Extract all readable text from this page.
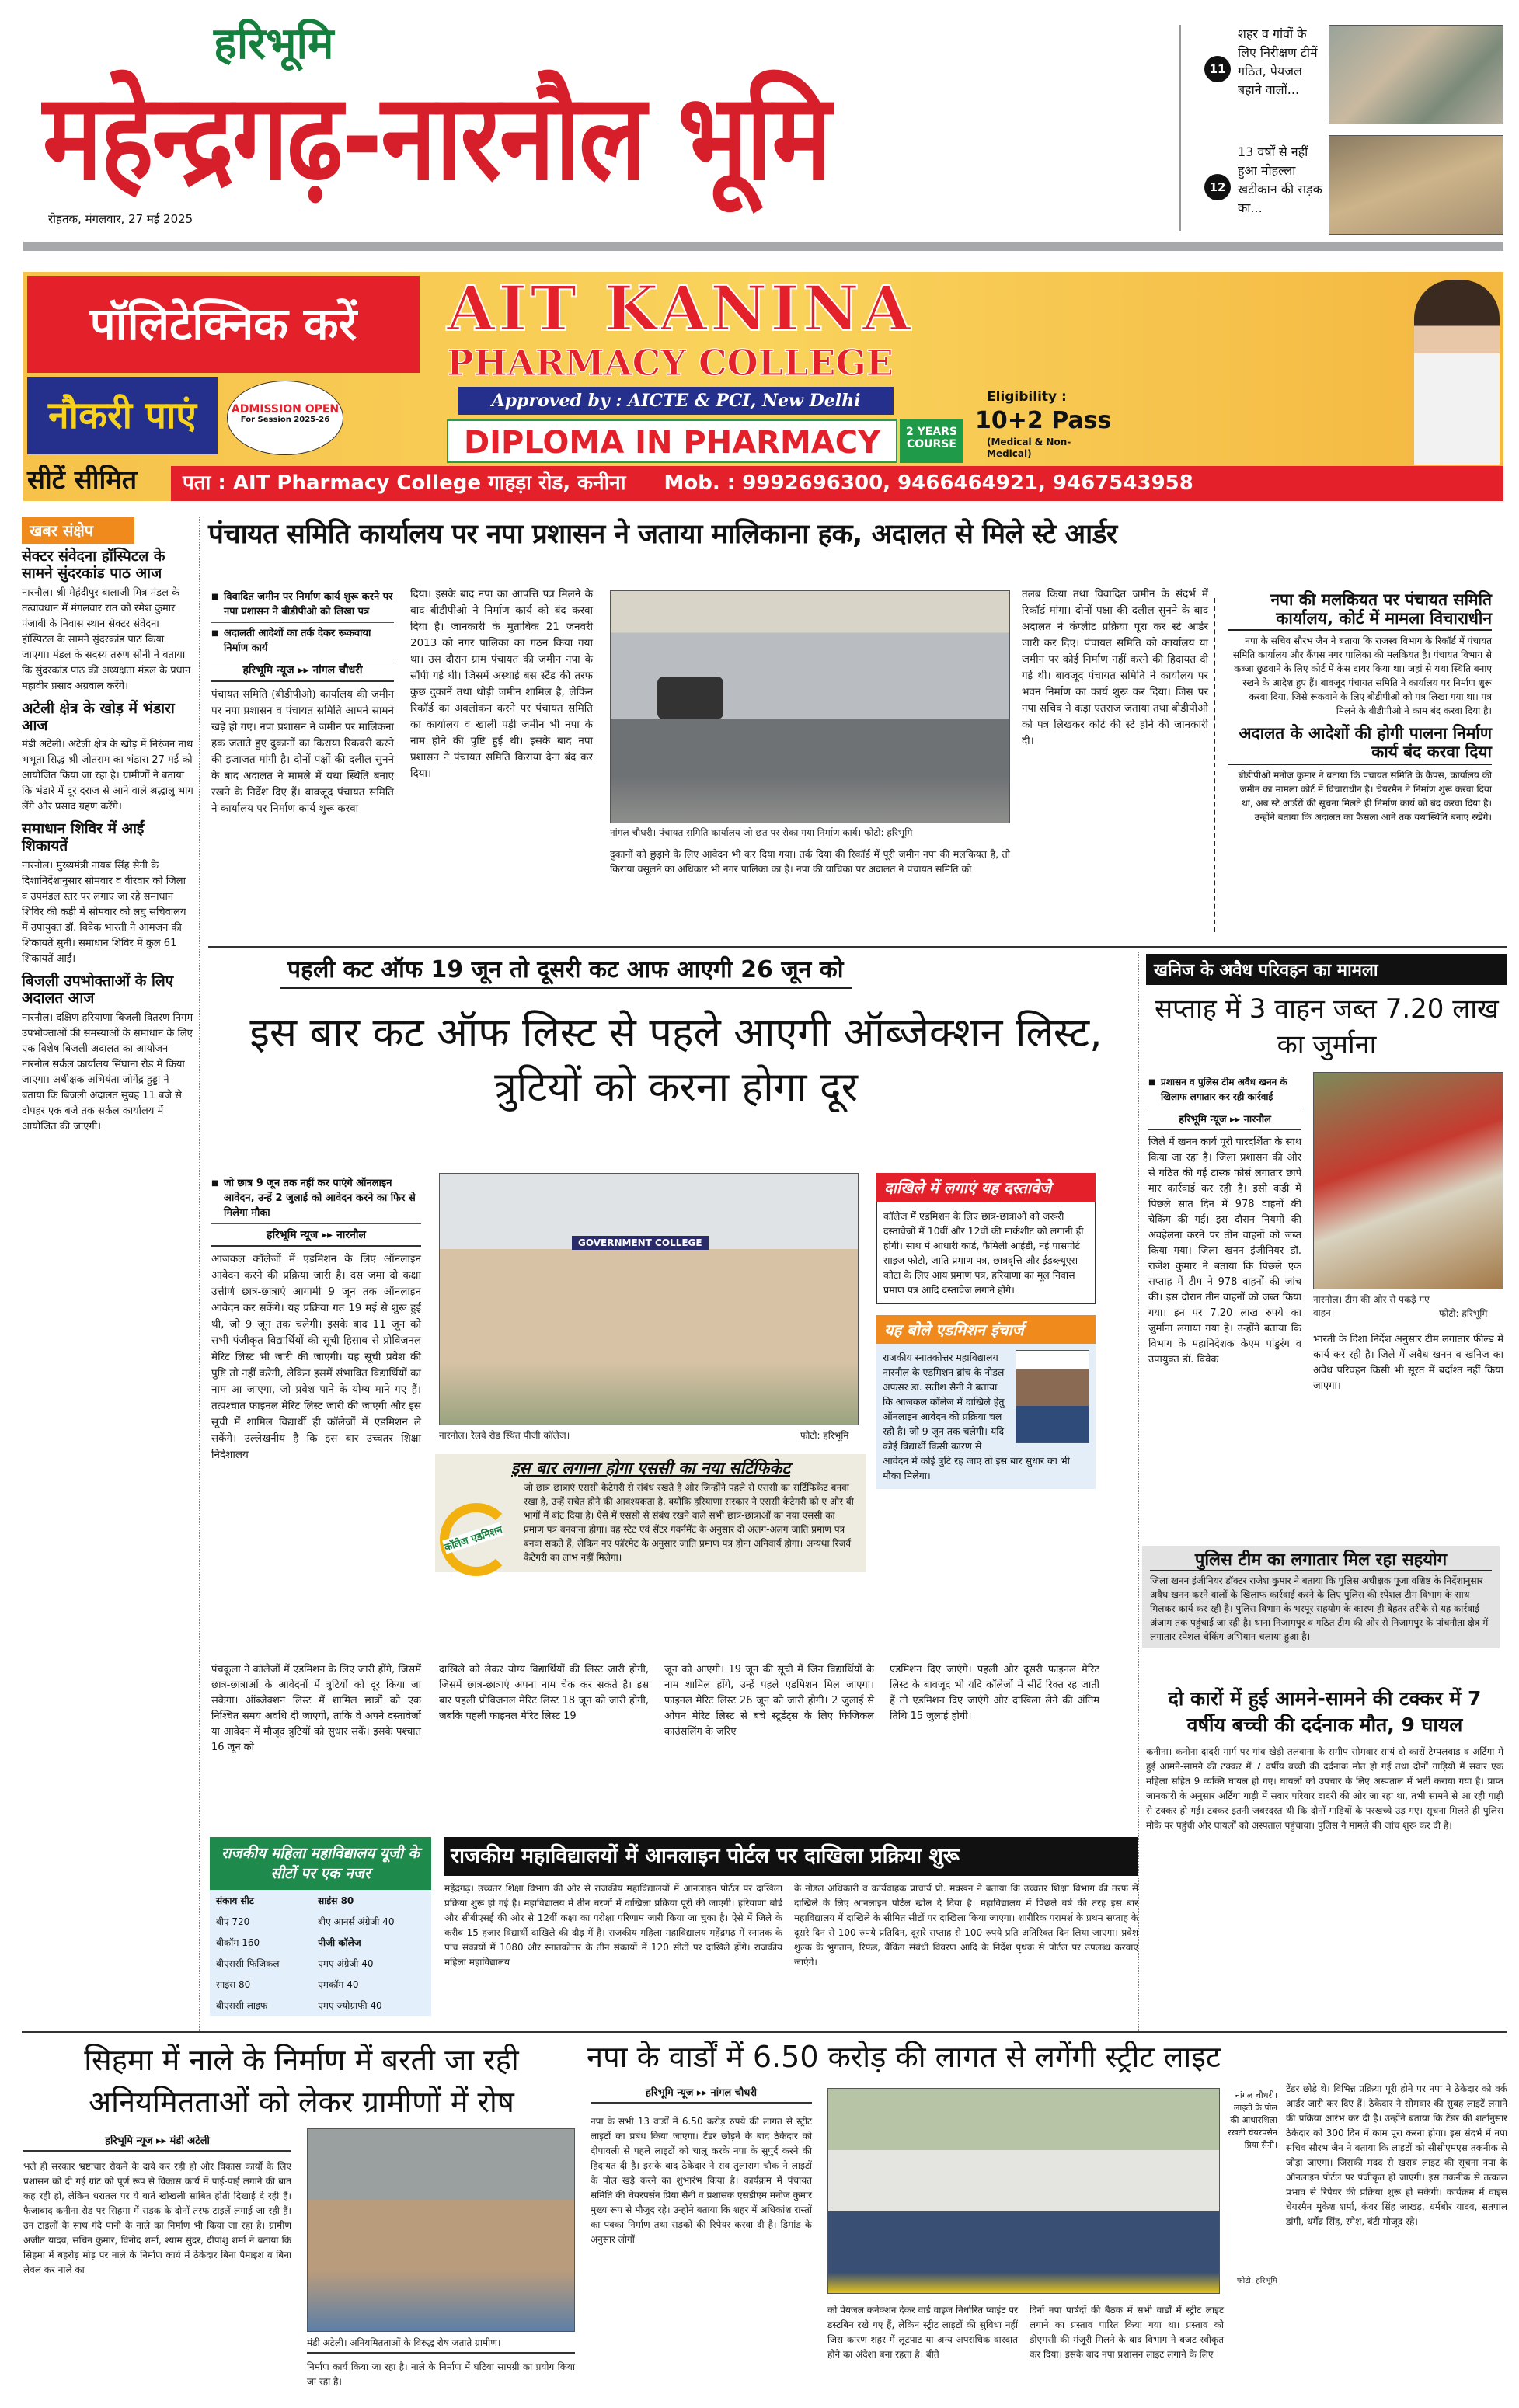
हरिभूमि
महेन्द्रगढ़-नारनौल भूमि
रोहतक, मंगलवार, 27 मई 2025
11
शहर व गांवों के लिए निरीक्षण टीमें गठित, पेयजल बहाने वालों...
12
13 वर्षों से नहीं हुआ मोहल्ला खटीकान की सड़क का...
पॉलिटेक्निक करें
नौकरी पाएं	ADMISSION OPEN
For Session 2025-26
सीटें सीमित
AIT KANINA
PHARMACY COLLEGE
Approved by : AICTE & PCI, New Delhi
DIPLOMA IN PHARMACY	2 YEARS COURSE
Eligibility :
10+2 Pass
(Medical & Non-Medical)
पता : AIT Pharmacy College गाहड़ा रोड, कनीना Mob. : 9992696300, 9466464921, 9467543958
खबर संक्षेप
सेक्टर संवेदना हॉस्पिटल के सामने सुंदरकांड पाठ आज
नारनौल। श्री मेहंदीपुर बालाजी मित्र मंडल के तत्वावधान में मंगलवार रात को रमेश कुमार पंजाबी के निवास स्थान सेक्टर संवेदना हॉस्पिटल के सामने सुंदरकांड पाठ किया जाएगा। मंडल के सदस्य तरुण सोनी ने बताया कि सुंदरकांड पाठ की अध्यक्षता मंडल के प्रधान महावीर प्रसाद अग्रवाल करेंगे।
अटेली क्षेत्र के खोड़ में भंडारा आज
मंडी अटेली। अटेली क्षेत्र के खोड़ में निरंजन नाथ भभूता सिद्ध श्री जोतराम का भंडारा 27 मई को आयोजित किया जा रहा है। ग्रामीणों ने बताया कि भंडारे में दूर दराज से आने वाले श्रद्धालु भाग लेंगे और प्रसाद ग्रहण करेंगे।
समाधान शिविर में आईं शिकायतें
नारनौल। मुख्यमंत्री नायब सिंह सैनी के दिशानिर्देशानुसार सोमवार व वीरवार को जिला व उपमंडल स्तर पर लगाए जा रहे समाधान शिविर की कड़ी में सोमवार को लघु सचिवालय में उपायुक्त डॉ. विवेक भारती ने आमजन की शिकायतें सुनी। समाधान शिविर में कुल 61 शिकायतें आईं।
बिजली उपभोक्ताओं के लिए अदालत आज
नारनौल। दक्षिण हरियाणा बिजली वितरण निगम उपभोक्ताओं की समस्याओं के समाधान के लिए एक विशेष बिजली अदालत का आयोजन नारनौल सर्कल कार्यालय सिंघाना रोड में किया जाएगा। अधीक्षक अभियंता जोगेंद्र हुड्डा ने बताया कि बिजली अदालत सुबह 11 बजे से दोपहर एक बजे तक सर्कल कार्यालय में आयोजित की जाएगी।
पंचायत समिति कार्यालय पर नपा प्रशासन ने जताया मालिकाना हक, अदालत से मिले स्टे आर्डर
■ विवादित जमीन पर निर्माण कार्य शुरू करने पर नपा प्रशासन ने बीडीपीओ को लिखा पत्र
■ अदालती आदेशों का तर्क देकर रूकवाया निर्माण कार्य
हरिभूमि न्यूज ▸▸ नांगल चौधरी
पंचायत समिति (बीडीपीओ) कार्यालय की जमीन पर नपा प्रशासन व पंचायत समिति आमने सामने खड़े हो गए। नपा प्रशासन ने जमीन पर मालिकना हक जताते हुए दुकानों का किराया रिकवरी करने की इजाजत मांगी है। दोनों पक्षों की दलील सुनने के बाद अदालत ने मामले में यथा स्थिति बनाए रखने के निर्देश दिए हैं। बावजूद पंचायत समिति ने कार्यालय पर निर्माण कार्य शुरू करवा
दिया। इसके बाद नपा का आपत्ति पत्र मिलने के बाद बीडीपीओ ने निर्माण कार्य को बंद करवा दिया है। जानकारी के मुताबिक 21 जनवरी 2013 को नगर पालिका का गठन किया गया था। उस दौरान ग्राम पंचायत की जमीन नपा के सौंपी गई थी। जिसमें अस्थाई बस स्टैंड की तरफ कुछ दुकानें तथा थोड़ी जमीन शामिल है, लेकिन रिकॉर्ड का अवलोकन करने पर पंचायत समिति का कार्यालय व खाली पड़ी जमीन भी नपा के नाम होने की पुष्टि हुई थी। इसके बाद नपा प्रशासन ने पंचायत समिति किराया देना बंद कर दिया।
नांगल चौधरी। पंचायत समिति कार्यालय जो छत पर रोका गया निर्माण कार्य। फोटो: हरिभूमि
दुकानों को छुड़ाने के लिए आवेदन भी कर दिया गया। तर्क दिया की रिकॉर्ड में पूरी जमीन नपा की मलकियत है, तो किराया वसूलने का अधिकार भी नगर पालिका का है। नपा की याचिका पर अदालत ने पंचायत समिति को
तलब किया तथा विवादित जमीन के संदर्भ में रिकॉर्ड मांगा। दोनों पक्षा की दलील सुनने के बाद अदालत ने कंप्लीट प्रक्रिया पूरा कर स्टे आर्डर जारी कर दिए। पंचायत समिति को कार्यालय या जमीन पर कोई निर्माण नहीं करने की हिदायत दी गई थी। बावजूद पंचायत समिति ने कार्यालय पर भवन निर्माण का कार्य शुरू कर दिया। जिस पर नपा सचिव ने कड़ा एतराज जताया तथा बीडीपीओ को पत्र लिखकर कोर्ट की स्टे होने की जानकारी दी।
नपा की मलकियत पर पंचायत समिति कार्यालय, कोर्ट में मामला विचाराधीन
नपा के सचिव सौरभ जैन ने बताया कि राजस्व विभाग के रिकॉर्ड में पंचायत समिति कार्यालय और कैंपस नगर पालिका की मलकियत है। पंचायत विभाग से कब्जा छुड़वाने के लिए कोर्ट में केस दायर किया था। जहां से यथा स्थिति बनाए रखने के आदेश हुए हैं। बावजूद पंचायत समिति ने कार्यालय पर निर्माण शुरू करवा दिया, जिसे रूकवाने के लिए बीडीपीओ को पत्र लिखा गया था। पत्र मिलने के बीडीपीओ ने काम बंद करवा दिया है।
अदालत के आदेशों की होगी पालना निर्माण कार्य बंद करवा दिया
बीडीपीओ मनोज कुमार ने बताया कि पंचायत समिति के कैंपस, कार्यालय की जमीन का मामला कोर्ट में विचाराधीन है। चेयरमैन ने निर्माण शुरू करवा दिया था, अब स्टे आर्डरों की सूचना मिलते ही निर्माण कार्य को बंद करवा दिया है। उन्होंने बताया कि अदालत का फैसला आने तक यथास्थिति बनाए रखेंगे।
पहली कट ऑफ 19 जून तो दूसरी कट आफ आएगी 26 जून को
इस बार कट ऑफ लिस्ट से पहले आएगी ऑब्जेक्शन लिस्ट, त्रुटियों को करना होगा दूर
■ जो छात्र 9 जून तक नहीं कर पाएंगे ऑनलाइन आवेदन, उन्हें 2 जुलाई को आवेदन करने का फिर से मिलेगा मौका
हरिभूमि न्यूज ▸▸ नारनौल
आजकल कॉलेजों में एडमिशन के लिए ऑनलाइन आवेदन करने की प्रक्रिया जारी है। दस जमा दो कक्षा उत्तीर्ण छात्र-छात्राएं आगामी 9 जून तक ऑनलाइन आवेदन कर सकेंगे। यह प्रक्रिया गत 19 मई से शुरू हुई थी, जो 9 जून तक चलेगी। इसके बाद 11 जून को सभी पंजीकृत विद्यार्थियों की सूची हिसाब से प्रोविजनल मेरिट लिस्ट भी जारी की जाएगी। यह सूची प्रवेश की पुष्टि तो नहीं करेगी, लेकिन इसमें संभावित विद्यार्थियों का नाम आ जाएगा, जो प्रवेश पाने के योग्य माने गए हैं। तत्पश्चात फाइनल मेरिट लिस्ट जारी की जाएगी और इस सूची में शामिल विद्यार्थी ही कॉलेजों में एडमिशन ले सकेंगे। उल्लेखनीय है कि इस बार उच्चतर शिक्षा निदेशालय
GOVERNMENT COLLEGE
नारनौल। रेलवे रोड स्थित पीजी कॉलेज।	फोटो: हरिभूमि
दाखिले में लगाएं यह दस्तावेजे
कॉलेज में एडमिशन के लिए छात्र-छात्राओं को जरूरी दस्तावेजों में 10वीं और 12वीं की मार्कशीट को लगानी ही होगी। साथ में आधारी कार्ड, फैमिली आईडी, नई पासपोर्ट साइज फोटो, जाति प्रमाण पत्र, छात्रवृत्ति और ईडब्ल्यूएस कोटा के लिए आय प्रमाण पत्र, हरियाणा का मूल निवास प्रमाण पत्र आदि दस्तावेज लगाने होंगे।
यह बोले एडमिशन इंचार्ज
राजकीय स्नातकोत्तर महाविद्यालय नारनौल के एडमिशन ब्रांच के नोडल अफसर डा. सतीश सैनी ने बताया कि आजकल कॉलेज में दाखिले हेतु ऑनलाइन आवेदन की प्रक्रिया चल रही है। जो 9 जून तक चलेगी। यदि कोई विद्यार्थी किसी कारण से आवेदन में कोई त्रुटि रह जाए तो इस बार सुधार का भी मौका मिलेगा।
इस बार लगाना होगा एससी का नया सर्टिफिकेट
जो छात्र-छात्राएं एससी कैटेगरी से संबंध रखते है और जिन्होंने पहले से एससी का सर्टिफिकेट बनवा रखा है, उन्हें सचेत होने की आवश्यकता है, क्योंकि हरियाणा सरकार ने एससी कैटेगरी को ए और बी भागों में बांट दिया है। ऐसे में एससी से संबंध रखने वाले सभी छात्र-छात्राओं का नया एससी का प्रमाण पत्र बनवाना होगा। वह स्टेट एवं सेंटर गवर्नमेंट के अनुसार दो अलग-अलग जाति प्रमाण पत्र बनवा सकते हैं, लेकिन नए फॉरमेट के अनुसार जाति प्रमाण पत्र होना अनिवार्य होगा। अन्यथा रिजर्व कैटेगरी का लाभ नहीं मिलेगा।
कॉलेज एडमिशन
पंचकूला ने कॉलेजों में एडमिशन के लिए जारी होंगे, जिसमें छात्र-छात्राओं के आवेदनों में त्रुटियों को दूर किया जा सकेगा। ऑब्जेक्शन लिस्ट में शामिल छात्रों को एक निश्चित समय अवधि दी जाएगी, ताकि वे अपने दस्तावेजों या आवेदन में मौजूद त्रुटियों को सुधार सकें। इसके पश्चात 16 जून को
दाखिले को लेकर योग्य विद्यार्थियों की लिस्ट जारी होगी, जिसमें छात्र-छात्राएं अपना नाम चेक कर सकते है। इस बार पहली प्रोविजनल मेरिट लिस्ट 18 जून को जारी होगी, जबकि पहली फाइनल मेरिट लिस्ट 19
जून को आएगी। 19 जून की सूची में जिन विद्यार्थियों के नाम शामिल होंगे, उन्हें पहले एडमिशन मिल जाएगा। फाइनल मेरिट लिस्ट 26 जून को जारी होगी। 2 जुलाई से ओपन मेरिट लिस्ट से बचे स्टूडेंट्स के लिए फिजिकल काउंसलिंग के जरिए
एडमिशन दिए जाएंगे। पहली और दूसरी फाइनल मेरिट लिस्ट के बावजूद भी यदि कॉलेजों में सीटें रिक्त रह जाती हैं तो एडमिशन दिए जाएंगे और दाखिला लेने की अंतिम तिथि 15 जुलाई होगी।
राजकीय महिला महाविद्यालय यूजी के सीटों पर एक नजर
संकाय सीट	साइंस 80
बीए 720	बीए आनर्स अंग्रेजी 40
बीकॉम 160	पीजी कॉलेज
बीएससी फिजिकल	एमए अंग्रेजी 40
साइंस 80	एमकॉम 40
बीएससी लाइफ	एमए ज्योग्राफी 40
राजकीय महाविद्यालयों में आनलाइन पोर्टल पर दाखिला प्रक्रिया शुरू
महेंद्रगढ़। उच्चतर शिक्षा विभाग की ओर से राजकीय महाविद्यालयों में आनलाइन पोर्टल पर दाखिला प्रक्रिया शुरू हो गई है। महाविद्यालय में तीन चरणों में दाखिला प्रक्रिया पूरी की जाएगी। हरियाणा बोर्ड और सीबीएसई की ओर से 12वीं कक्षा का परीक्षा परिणाम जारी किया जा चुका है। ऐसे में जिले के करीब 15 हजार विद्यार्थी दाखिले की दौड़ में हैं। राजकीय महिला महाविद्यालय महेंद्रगढ़ में स्नातक के पांच संकायों में 1080 और स्नातकोत्तर के तीन संकायों में 120 सीटों पर दाखिले होंगे। राजकीय महिला महाविद्यालय
के नोडल अधिकारी व कार्यवाहक प्राचार्य प्रो. मक्खन ने बताया कि उच्चतर शिक्षा विभाग की तरफ से दाखिले के लिए आनलाइन पोर्टल खोल दे दिया है। महाविद्यालय में पिछले वर्ष की तरह इस बार महाविद्यालय में दाखिले के सीमित सीटों पर दाखिला किया जाएगा। शारीरिक परामर्श के प्रथम सप्ताह के दूसरे दिन से 100 रुपये प्रतिदिन, दूसरे सप्ताह से 100 रुपये प्रति अतिरिक्त दिन लिया जाएगा। प्रवेश शुल्क के भुगतान, रिफंड, बैंकिंग संबंधी विवरण आदि के निर्देश पृथक से पोर्टल पर उपलब्ध करवाए जाएंगे।
खनिज के अवैध परिवहन का मामला
सप्ताह में 3 वाहन जब्त 7.20 लाख का जुर्माना
■ प्रशासन व पुलिस टीम अवैध खनन के खिलाफ लगातार कर रही कार्रवाई
हरिभूमि न्यूज ▸▸ नारनौल
जिले में खनन कार्य पूरी पारदर्शिता के साथ किया जा रहा है। जिला प्रशासन की ओर से गठित की गई टास्क फोर्स लगातार छापे मार कार्रवाई कर रही है। इसी कड़ी में पिछले सात दिन में 978 वाहनों की चेकिंग की गई। इस दौरान नियमों की अवहेलना करने पर तीन वाहनों को जब्त किया गया। जिला खनन इंजीनियर डॉ. राजेश कुमार ने बताया कि पिछले एक सप्ताह में टीम ने 978 वाहनों की जांच की। इस दौरान तीन वाहनों को जब्त किया गया। इन पर 7.20 लाख रुपये का जुर्माना लगाया गया है। उन्होंने बताया कि विभाग के महानिदेशक केएम पांडुरंग व उपायुक्त डॉ. विवेक
नारनौल। टीम की ओर से पकड़े गए वाहन।	फोटो: हरिभूमि
भारती के दिशा निर्देश अनुसार टीम लगातार फील्ड में कार्य कर रही है। जिले में अवैध खनन व खनिज का अवैध परिवहन किसी भी सूरत में बर्दाश्त नहीं किया जाएगा।
पुलिस टीम का लगातार मिल रहा सहयोग
जिला खनन इंजीनियर डॉक्टर राजेश कुमार ने बताया कि पुलिस अधीक्षक पूजा वशिष्ठ के निर्देशानुसार अवैध खनन करने वालों के खिलाफ कार्रवाई करने के लिए पुलिस की स्पेशल टीम विभाग के साथ मिलकर कार्य कर रही है। पुलिस विभाग के भरपूर सहयोग के कारण ही बेहतर तरीके से यह कार्रवाई अंजाम तक पहुंचाई जा रही है। थाना निजामपुर व गठित टीम की ओर से निजामपुर के पांचनौता क्षेत्र में लगातार स्पेशल चेकिंग अभियान चलाया हुआ है।
दो कारों में हुई आमने-सामने की टक्कर में 7 वर्षीय बच्ची की दर्दनाक मौत, 9 घायल
कनीना। कनीना-दादरी मार्ग पर गांव खेड़ी तलवाना के समीप सोमवार सायं दो कारों टेम्पलवाड व अर्टिगा में हुई आमने-सामने की टक्कर में 7 वर्षीय बच्ची की दर्दनाक मौत हो गई तथा दोनों गाड़ियों में सवार एक महिला सहित 9 व्यक्ति घायल हो गए। घायलों को उपचार के लिए अस्पताल में भर्ती कराया गया है। प्राप्त जानकारी के अनुसार अर्टिगा गाड़ी में सवार परिवार दादरी की ओर जा रहा था, तभी सामने से आ रही गाड़ी से टक्कर हो गई। टक्कर इतनी जबरदस्त थी कि दोनों गाड़ियों के परखच्चे उड़ गए। सूचना मिलते ही पुलिस मौके पर पहुंची और घायलों को अस्पताल पहुंचाया। पुलिस ने मामले की जांच शुरू कर दी है।
सिहमा में नाले के निर्माण में बरती जा रही अनियमितताओं को लेकर ग्रामीणों में रोष
हरिभूमि न्यूज ▸▸ मंडी अटेली
भले ही सरकार भ्रष्टाचार रोकने के दावे कर रही हो और विकास कार्यों के लिए प्रशासन को दी गई ग्रांट को पूर्ण रूप से विकास कार्य में पाई-पाई लगाने की बात कह रही हो, लेकिन धरातल पर ये बातें खोखली साबित होती दिखाई दे रही हैं। फैजाबाद कनीना रोड पर सिहमा में सड़क के दोनों तरफ टाइलें लगाई जा रही हैं। उन टाइलों के साथ गंदे पानी के नाले का निर्माण भी किया जा रहा है। ग्रामीण अजीत यादव, सचिन कुमार, विनोद शर्मा, श्याम सुंदर, दीपांशु शर्मा ने बताया कि सिहमा में बहरोड़ मोड़ पर नाले के निर्माण कार्य में ठेकेदार बिना पैमाइश व बिना लेवल कर नाले का
मंडी अटेली। अनियमितताओं के विरुद्ध रोष जताते ग्रामीण।
निर्माण कार्य किया जा रहा है। नाले के निर्माण में घटिया सामग्री का प्रयोग किया जा रहा है।
नपा के वार्डों में 6.50 करोड़ की लागत से लगेंगी स्ट्रीट लाइट
हरिभूमि न्यूज ▸▸ नांगल चौधरी
नपा के सभी 13 वार्डों में 6.50 करोड़ रुपये की लागत से स्ट्रीट लाइटों का प्रबंध किया जाएगा। टेंडर छोड़ने के बाद ठेकेदार को दीपावली से पहले लाइटों को चालू करके नपा के सुपुर्द करने की हिदायत दी है। इसके बाद ठेकेदार ने राव तुलाराम चौक ने लाइटों के पोल खड़े करने का शुभारंभ किया है। कार्यक्रम में पंचायत समिति की चेयरपर्सन प्रिया सैनी व प्रशासक एसडीएम मनोज कुमार मुख्य रूप से मौजूद रहे। उन्होंने बताया कि शहर में अधिकांश रास्तों का पक्का निर्माण तथा सड़कों की रिपेयर करवा दी है। डिमांड के अनुसार लोगों
नांगल चौधरी। लाइटों के पोल की आधारशिला रखती चेयरपर्सन प्रिया सैनी।
फोटो: हरिभूमि
को पेयजल कनेक्शन देकर वार्ड वाइज निर्धारित प्वाइंट पर डस्टबिन रखे गए हैं, लेकिन स्ट्रीट लाइटों की सुविधा नहीं जिस कारण शहर में लूटपाट या अन्य अपराधिक वारदात होने का अंदेशा बना रहता है। बीते
दिनों नपा पार्षदों की बैठक में सभी वार्डों में स्ट्रीट लाइट लगाने का प्रस्ताव पारित किया गया था। प्रस्ताव को डीएमसी की मंजूरी मिलने के बाद विभाग ने बजट स्वीकृत कर दिया। इसके बाद नपा प्रशासन लाइट लगाने के लिए
टेंडर छोड़े थे। विभिन्न प्रक्रिया पूरी होने पर नपा ने ठेकेदार को वर्क आर्डर जारी कर दिए हैं। ठेकेदार ने सोमवार की सुबह लाइटें लगाने की प्रक्रिया आरंभ कर दी है। उन्होंने बताया कि टेंडर की शर्तानुसार ठेकेदार को 300 दिन में काम पूरा करना होगा। इस संदर्भ में नपा सचिव सौरभ जैन ने बताया कि लाइटों को सीसीएमएस तकनीक से जोड़ा जाएगा। जिसकी मदद से खराब लाइट की सूचना नपा के ऑनलाइन पोर्टल पर पंजीकृत हो जाएगी। इस तकनीक से तत्काल प्रभाव से रिपेयर की प्रक्रिया शुरू हो सकेगी। कार्यक्रम में वाइस चेयरमैन मुकेश शर्मा, कंवर सिंह जाखड़, धर्मबीर यादव, सतपाल डांगी, धर्मेंद्र सिंह, रमेश, बंटी मौजूद रहे।
